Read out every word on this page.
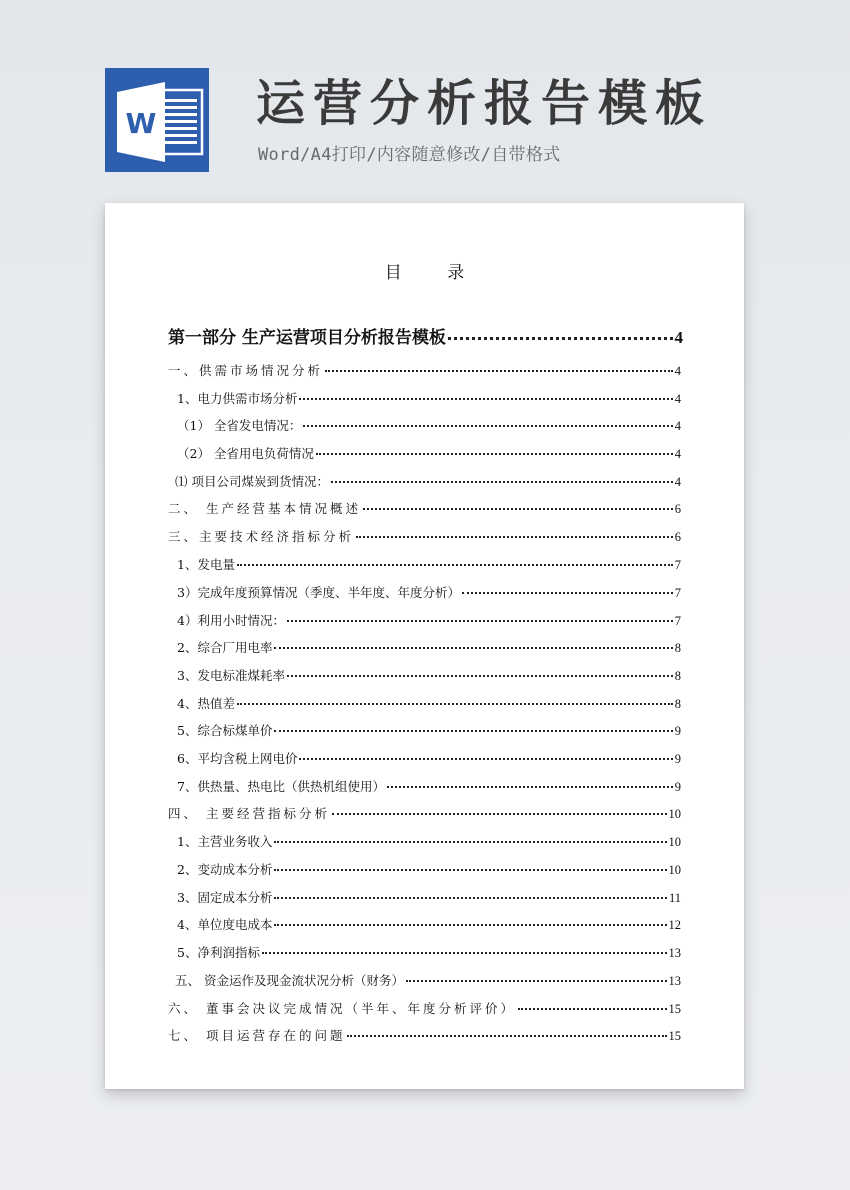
W 运营分析报告模板
Word/A4打印/内容随意修改/自带格式
目 录
第一部分 生产运营项目分析报告模板	4
一、供需市场情况分析	4
1、电力供需市场分析	4
（1） 全省发电情况：	4
（2） 全省用电负荷情况	4
⑴ 项目公司煤炭到货情况：	4
二、 生产经营基本情况概述	6
三、主要技术经济指标分析	6
1、发电量	7
3）完成年度预算情况（季度、半年度、年度分析）	7
4）利用小时情况：	7
2、综合厂用电率	8
3、发电标准煤耗率	8
4、热值差	8
5、综合标煤单价	9
6、平均含税上网电价	9
7、供热量、热电比（供热机组使用）	9
四、 主要经营指标分析	10
1、主营业务收入	10
2、变动成本分析	10
3、固定成本分析	11
4、单位度电成本	12
5、净利润指标	13
五、 资金运作及现金流状况分析（财务）	13
六、 董事会决议完成情况（半年、年度分析评价）	15
七、 项目运营存在的问题	15
